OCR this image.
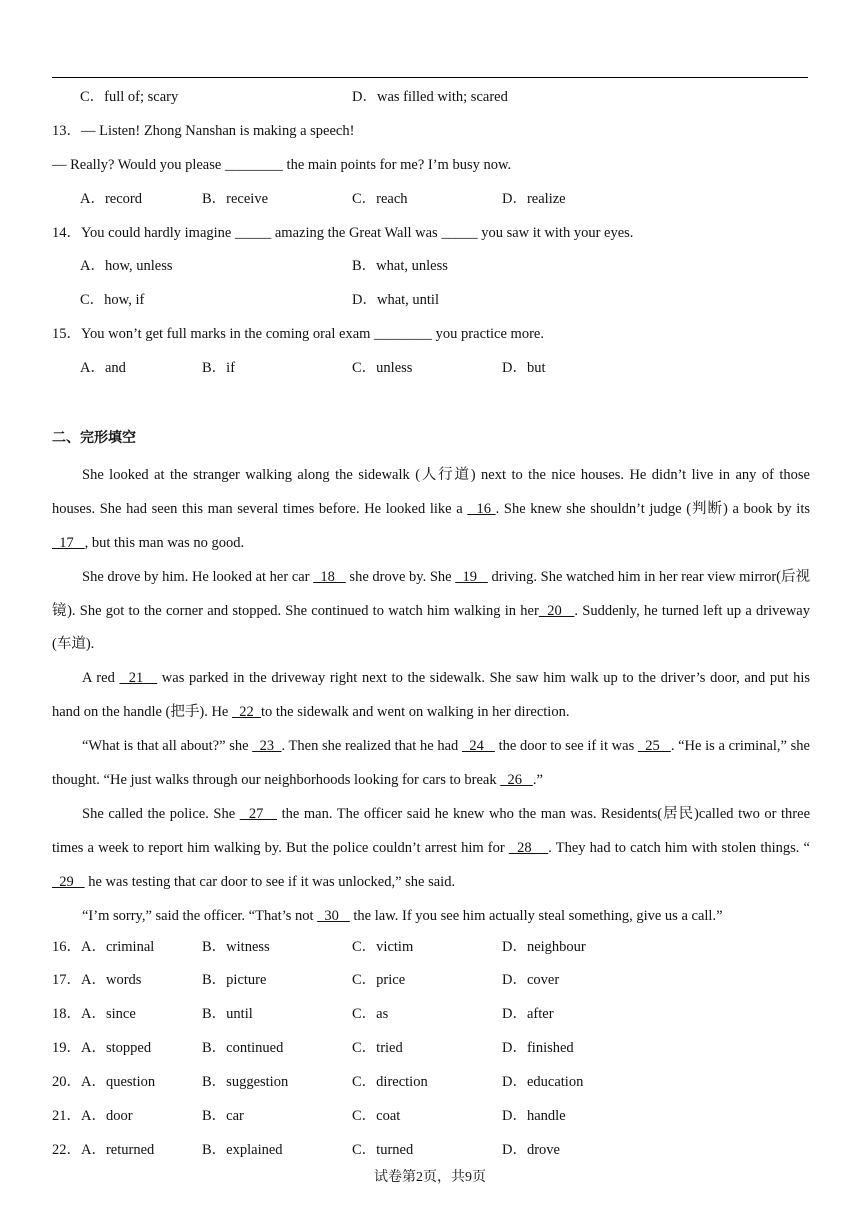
C．full of; scary	D．was filled with; scared
13．— Listen! Zhong Nanshan is making a speech!
— Really? Would you please ________ the main points for me? I’m busy now.
A．record	B．receive	C．reach	D．realize
14．You could hardly imagine _____ amazing the Great Wall was _____ you saw it with your eyes.
A．how, unless	B．what, unless
C．how, if	D．what, until
15．You won’t get full marks in the coming oral exam ________ you practice more.
A．and	B．if	C．unless	D．but
二、完形填空

She looked at the stranger walking along the sidewalk (人行道) next to the nice houses. He didn’t live in any of those houses. She had seen this man several times before. He looked like a   16 . She knew she shouldn’t judge (判断) a book by its   17   , but this man was no good.

She drove by him. He looked at her car   18    she drove by. She   19    driving. She watched him in her rear view mirror(后视镜). She got to the corner and stopped. She continued to watch him walking in her  20   . Suddenly, he turned left up a driveway (车道).

A red   21    was parked in the driveway right next to the sidewalk. She saw him walk up to the driver’s door, and put his hand on the handle (把手). He   22  to the sidewalk and went on walking in her direction.

“What is that all about?” she   23  . Then she realized that he had   24    the door to see if it was   25   . “He is a criminal,” she thought. “He just walks through our neighborhoods looking for cars to break   26   .”

She called the police. She   27    the man. The officer said he knew who the man was. Residents(居民)called two or three times a week to report him walking by. But the police couldn’t arrest him for   28    . They had to catch him with stolen things. “  29    he was testing that car door to see if it was unlocked,” she said.

“I’m sorry,” said the officer. “That’s not   30    the law. If you see him actually steal something, give us a call.”

16．A．criminal	B．witness	C．victim	D．neighbour
17．A．words	B．picture	C．price	D．cover
18．A．since	B．until	C．as	D．after
19．A．stopped	B．continued	C．tried	D．finished
20．A．question	B．suggestion	C．direction	D．education
21．A．door	B．car	C．coat	D．handle
22．A．returned	B．explained	C．turned	D．drove
试卷第2页，共9页
